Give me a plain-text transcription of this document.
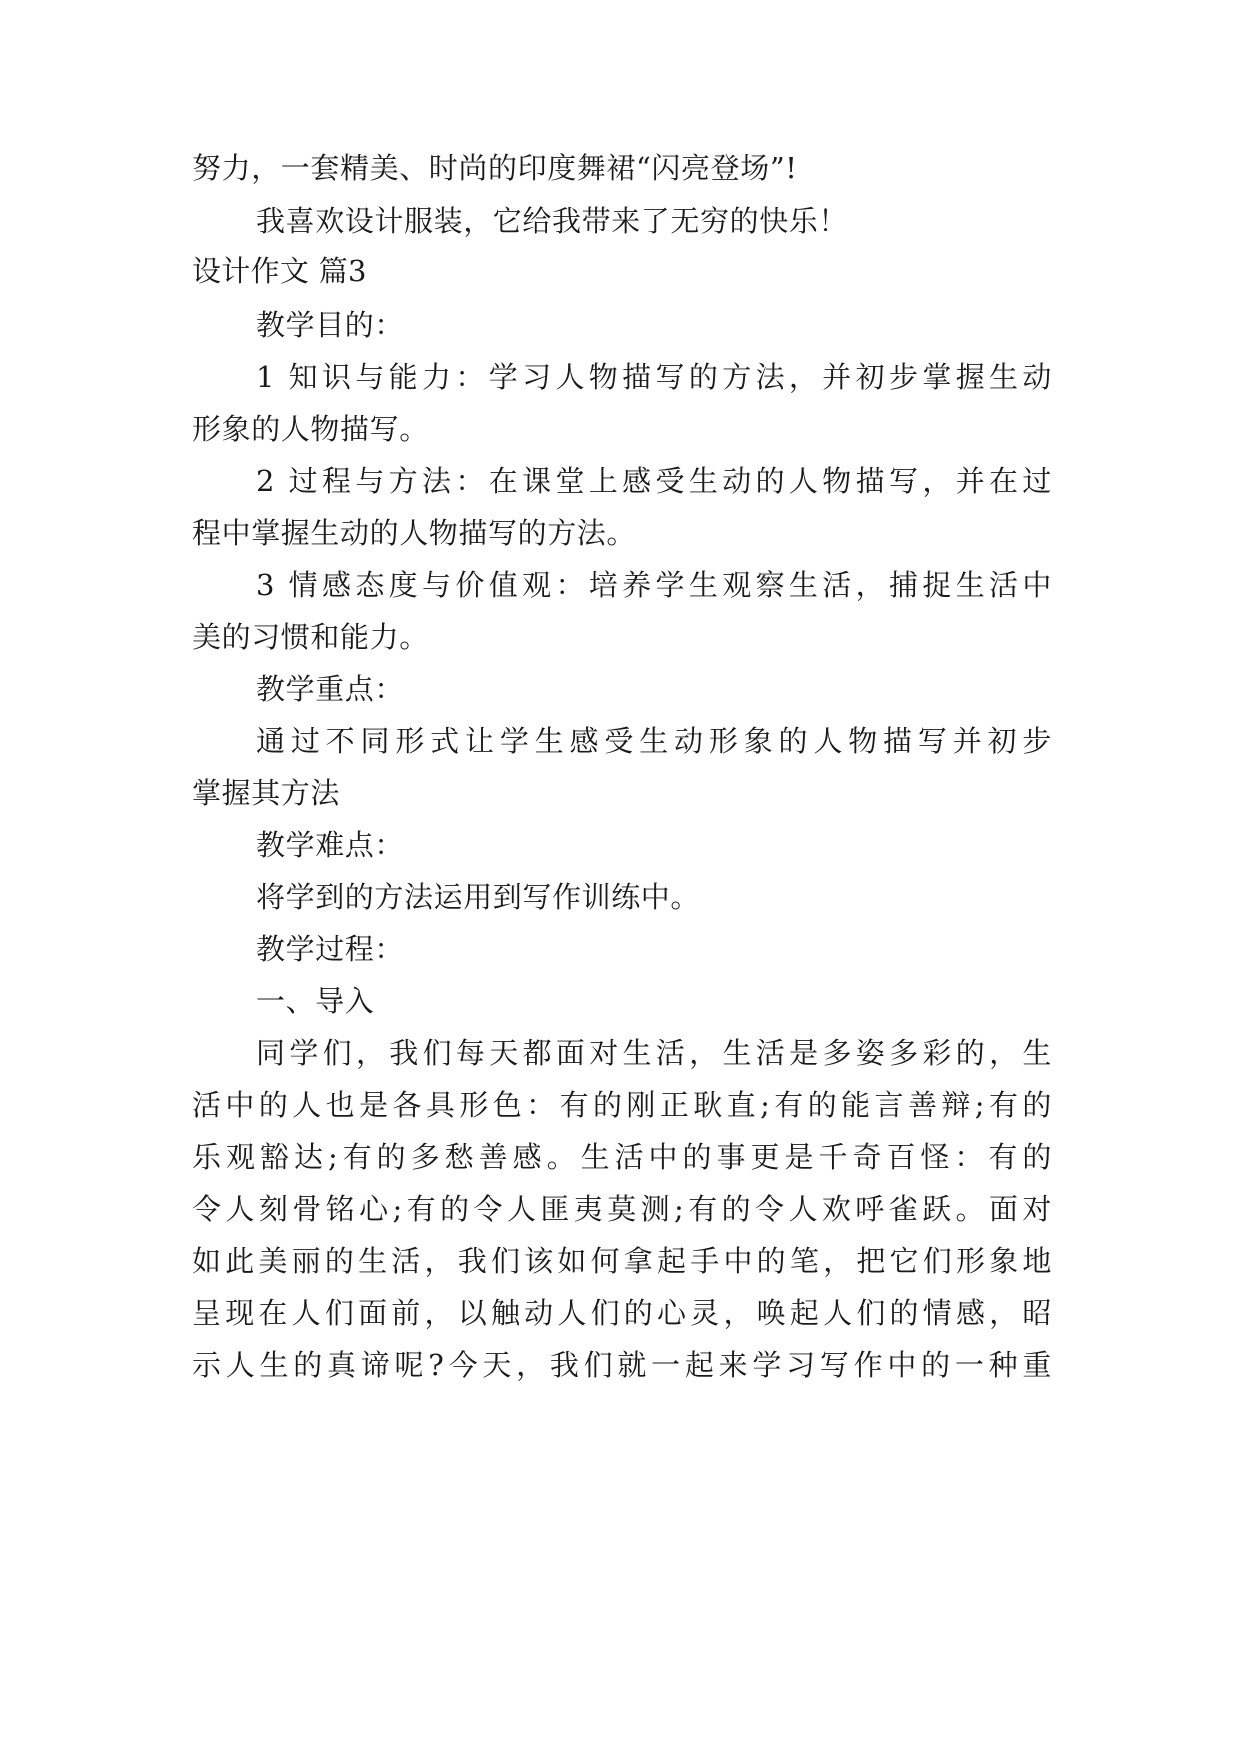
努力，一套精美、时尚的印度舞裙“闪亮登场”!
我喜欢设计服装，它给我带来了无穷的快乐！
设计作文 篇3
教学目的：
1 知识与能力：学习人物描写的方法，并初步掌握生动
形象的人物描写。
2 过程与方法：在课堂上感受生动的人物描写，并在过
程中掌握生动的人物描写的方法。
3 情感态度与价值观：培养学生观察生活，捕捉生活中
美的习惯和能力。
教学重点：
通过不同形式让学生感受生动形象的人物描写并初步
掌握其方法
教学难点：
将学到的方法运用到写作训练中。
教学过程：
一、导入
同学们，我们每天都面对生活，生活是多姿多彩的，生
活中的人也是各具形色：有的刚正耿直;有的能言善辩;有的
乐观豁达;有的多愁善感。生活中的事更是千奇百怪：有的
令人刻骨铭心;有的令人匪夷莫测;有的令人欢呼雀跃。面对
如此美丽的生活，我们该如何拿起手中的笔，把它们形象地
呈现在人们面前，以触动人们的心灵，唤起人们的情感，昭
示人生的真谛呢?今天，我们就一起来学习写作中的一种重
